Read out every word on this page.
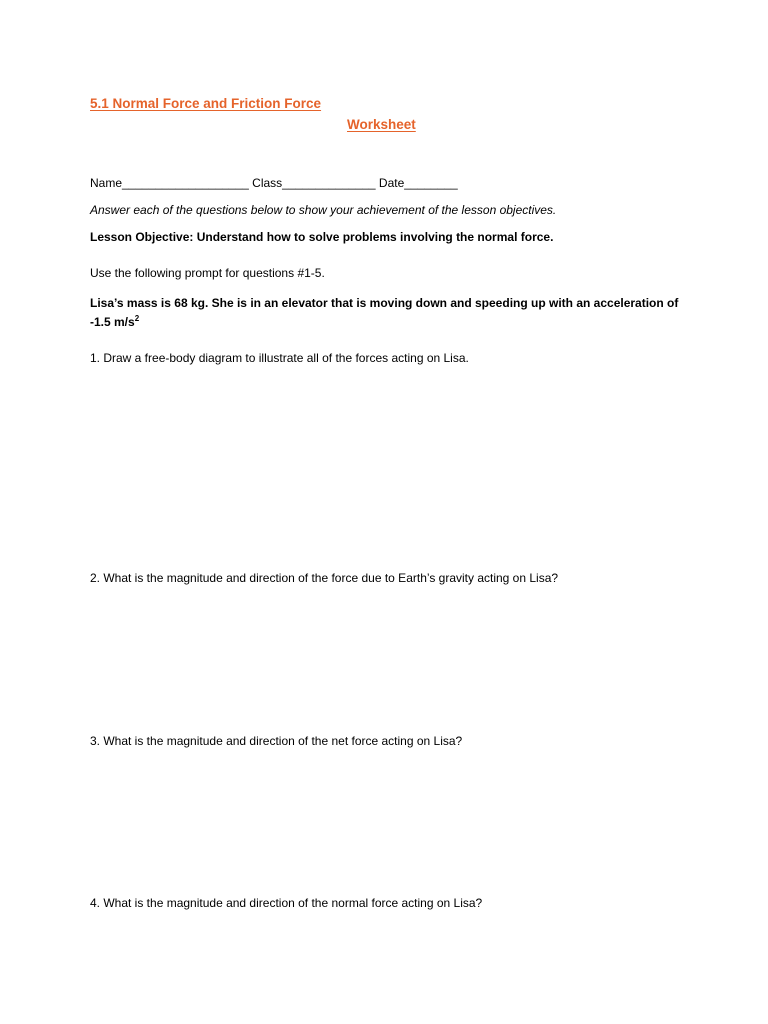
5.1 Normal Force and Friction Force
Worksheet
Name___________________ Class______________ Date________
Answer each of the questions below to show your achievement of the lesson objectives.
Lesson Objective: Understand how to solve problems involving the normal force.
Use the following prompt for questions #1-5.
Lisa’s mass is 68 kg. She is in an elevator that is moving down and speeding up with an acceleration of -1.5 $m/s^2$
1. Draw a free-body diagram to illustrate all of the forces acting on Lisa.
2. What is the magnitude and direction of the force due to Earth’s gravity acting on Lisa?
3. What is the magnitude and direction of the net force acting on Lisa?
4. What is the magnitude and direction of the normal force acting on Lisa?
